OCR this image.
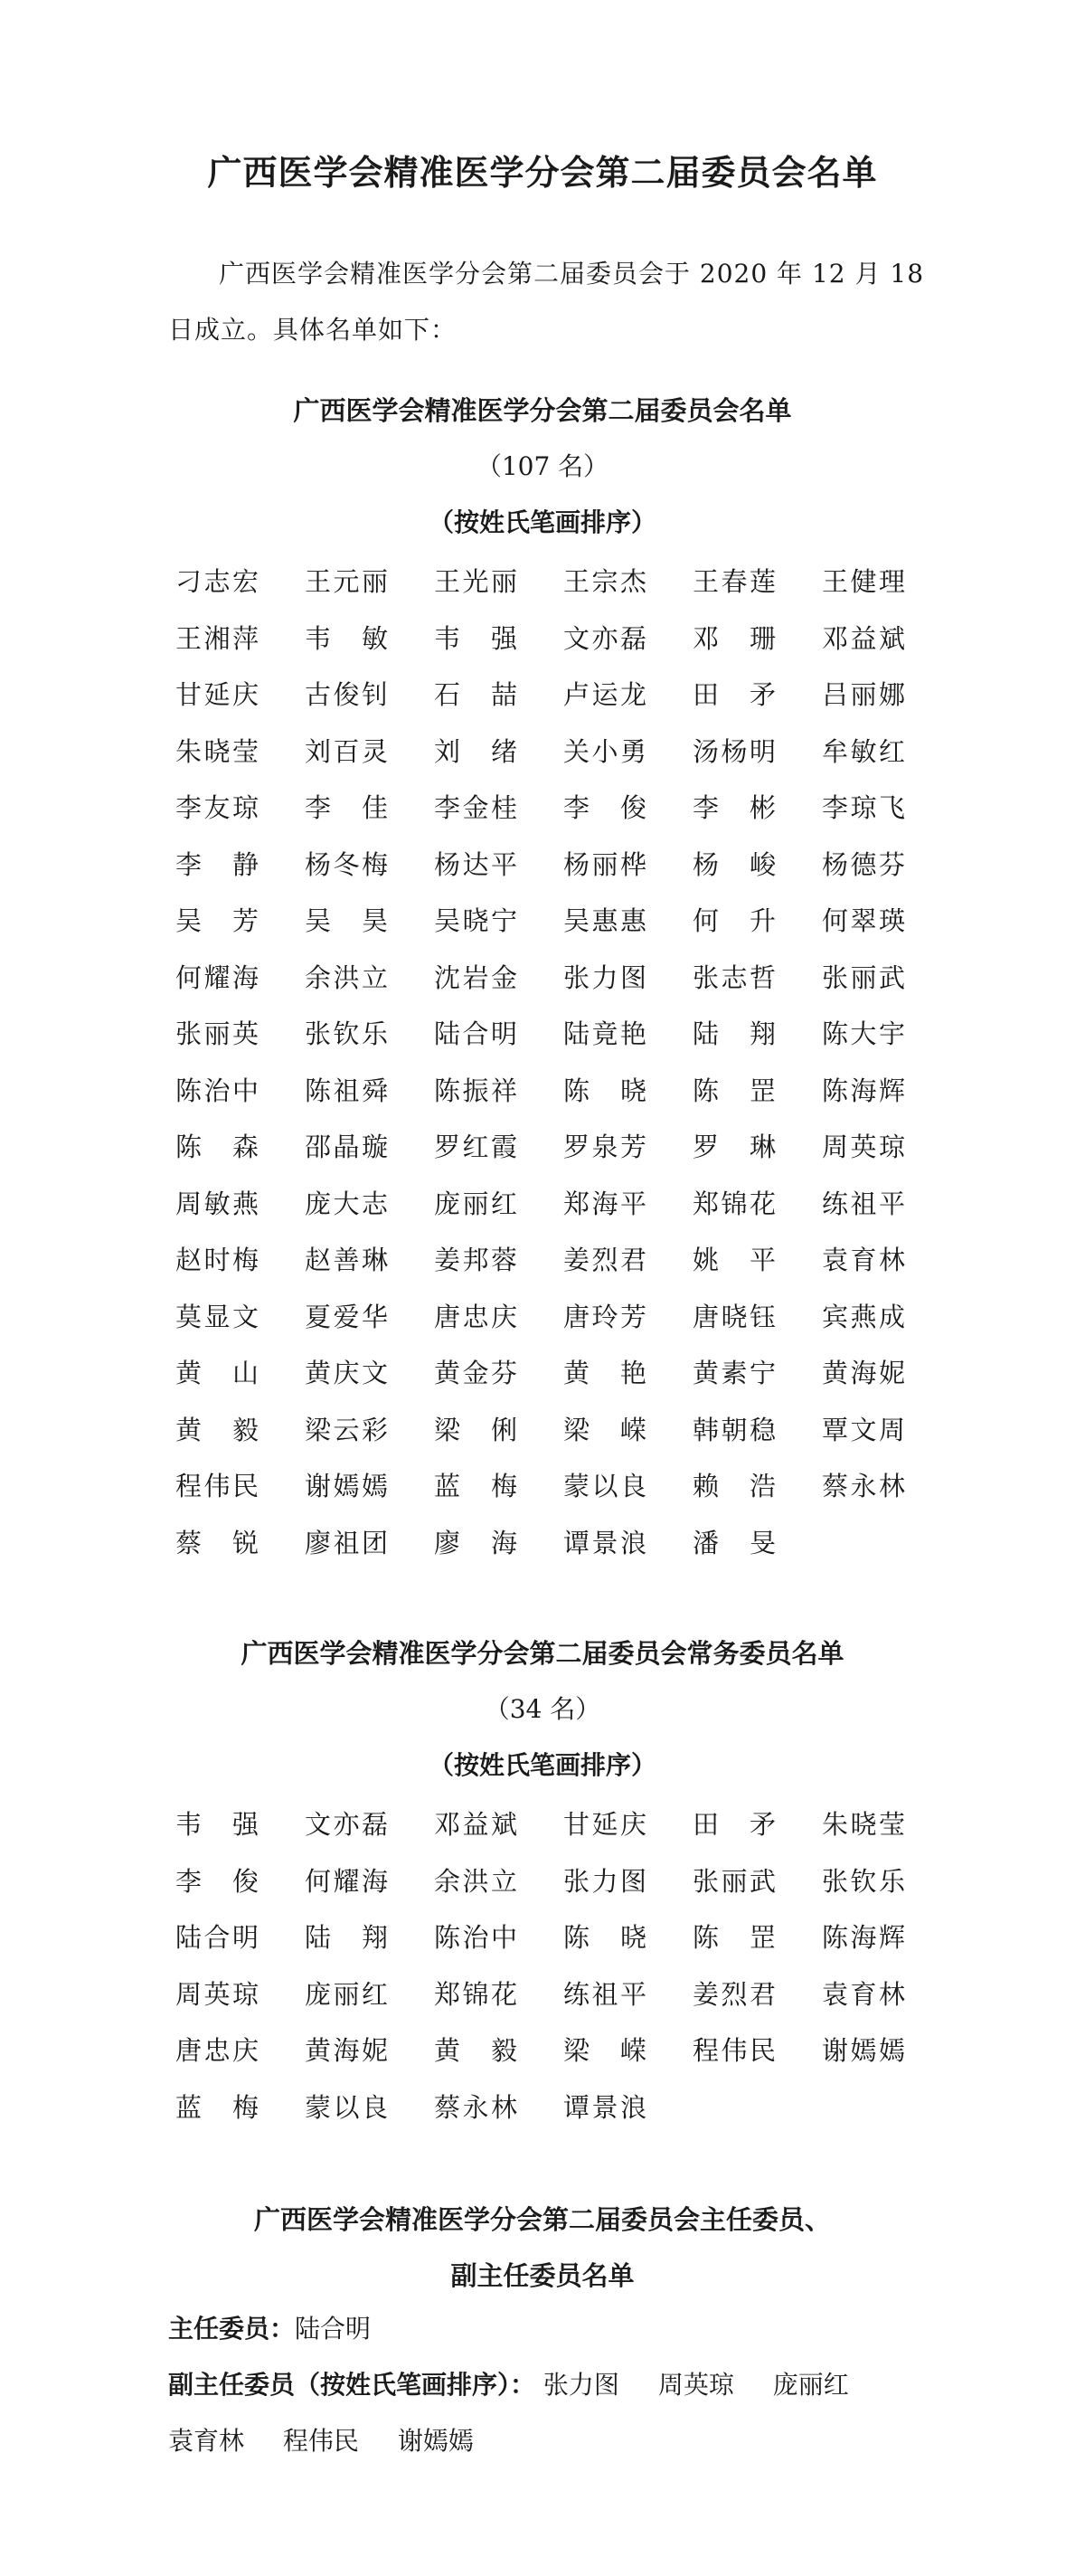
广西医学会精准医学分会第二届委员会名单
广西医学会精准医学分会第二届委员会于 2020 年 12 月 18 日成立。具体名单如下：
广西医学会精准医学分会第二届委员会名单
（107 名）
（按姓氏笔画排序）
刁志宏 王元丽 王光丽 王宗杰 王春莲 王健理
王湘萍 韦敏 韦强 文亦磊 邓珊 邓益斌
甘延庆 古俊钊 石喆 卢运龙 田矛 吕丽娜
朱晓莹 刘百灵 刘绪 关小勇 汤杨明 牟敏红
李友琼 李佳 李金桂 李俊 李彬 李琼飞
李静 杨冬梅 杨达平 杨丽桦 杨峻 杨德芬
吴芳 吴昊 吴晓宁 吴惠惠 何升 何翠瑛
何耀海 余洪立 沈岩金 张力图 张志哲 张丽武
张丽英 张钦乐 陆合明 陆竟艳 陆翔 陈大宇
陈治中 陈祖舜 陈振祥 陈晓 陈罡 陈海辉
陈森 邵晶璇 罗红霞 罗泉芳 罗琳 周英琼
周敏燕 庞大志 庞丽红 郑海平 郑锦花 练祖平
赵时梅 赵善琳 姜邦蓉 姜烈君 姚平 袁育林
莫显文 夏爱华 唐忠庆 唐玲芳 唐晓钰 宾燕成
黄山 黄庆文 黄金芬 黄艳 黄素宁 黄海妮
黄毅 梁云彩 梁俐 梁嵘 韩朝稳 覃文周
程伟民 谢嫣嫣 蓝梅 蒙以良 赖浩 蔡永林
蔡锐 廖祖团 廖海 谭景浪 潘旻
广西医学会精准医学分会第二届委员会常务委员名单
（34 名）
（按姓氏笔画排序）
韦强 文亦磊 邓益斌 甘延庆 田矛 朱晓莹
李俊 何耀海 余洪立 张力图 张丽武 张钦乐
陆合明 陆翔 陈治中 陈晓 陈罡 陈海辉
周英琼 庞丽红 郑锦花 练祖平 姜烈君 袁育林
唐忠庆 黄海妮 黄毅 梁嵘 程伟民 谢嫣嫣
蓝梅 蒙以良 蔡永林 谭景浪
广西医学会精准医学分会第二届委员会主任委员、
副主任委员名单
主任委员：陆合明
副主任委员（按姓氏笔画排序）： 张力图 周英琼 庞丽红
袁育林 程伟民 谢嫣嫣
